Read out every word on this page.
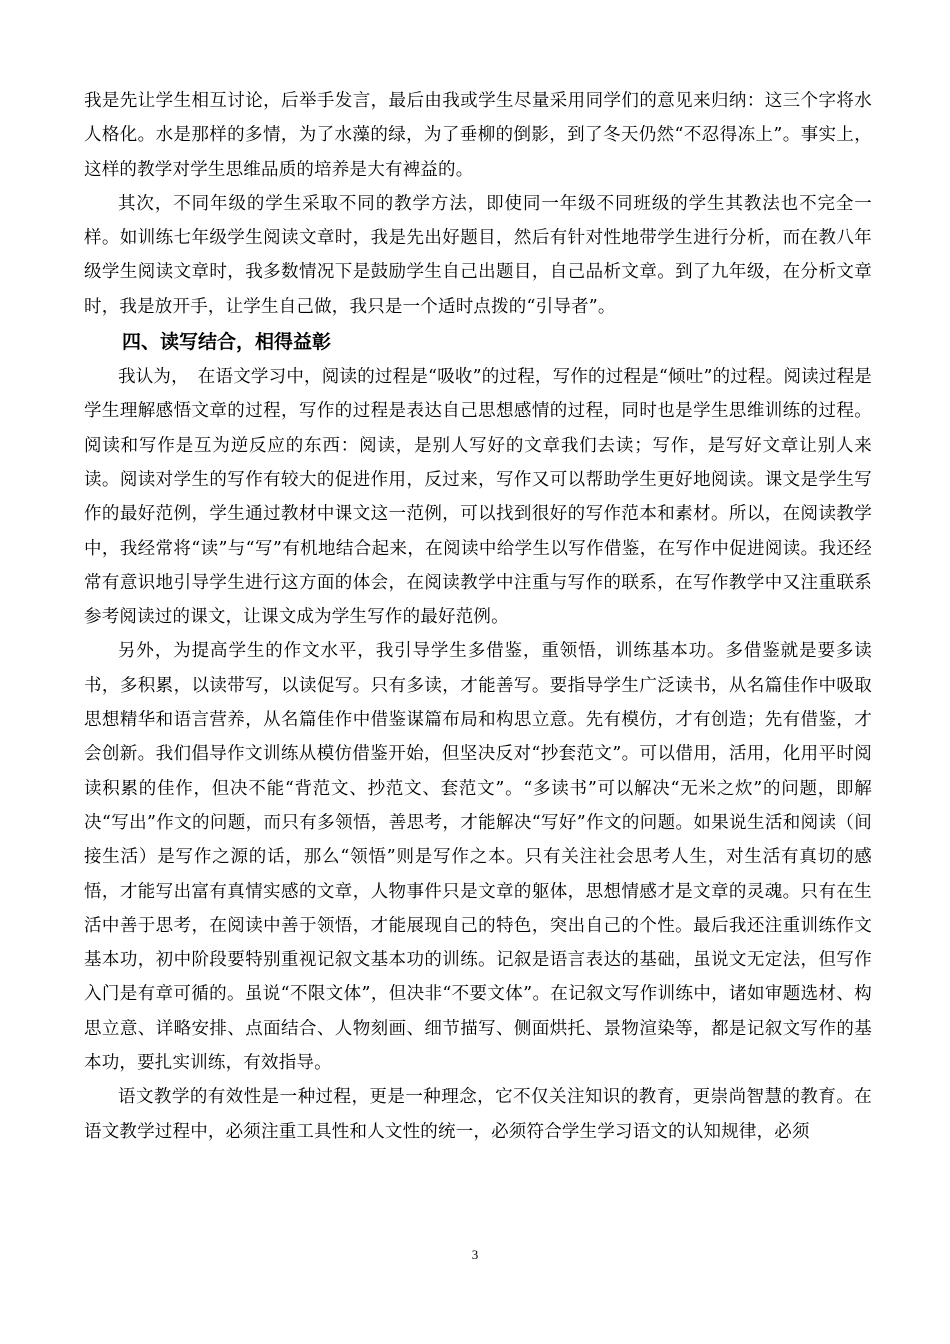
我是先让学生相互讨论，后举手发言，最后由我或学生尽量采用同学们的意见来归纳：这三个字将水人格化。水是那样的多情，为了水藻的绿，为了垂柳的倒影，到了冬天仍然“不忍得冻上”。事实上，这样的教学对学生思维品质的培养是大有裨益的。

其次，不同年级的学生采取不同的教学方法，即使同一年级不同班级的学生其教法也不完全一样。如训练七年级学生阅读文章时，我是先出好题目，然后有针对性地带学生进行分析，而在教八年级学生阅读文章时，我多数情况下是鼓励学生自己出题目，自己品析文章。到了九年级，在分析文章时，我是放开手，让学生自己做，我只是一个适时点拨的“引导者”。

四、读写结合，相得益彰

我认为，　在语文学习中，阅读的过程是“吸收”的过程，写作的过程是“倾吐”的过程。阅读过程是学生理解感悟文章的过程，写作的过程是表达自己思想感情的过程，同时也是学生思维训练的过程。阅读和写作是互为逆反应的东西：阅读，是别人写好的文章我们去读；写作，是写好文章让别人来读。阅读对学生的写作有较大的促进作用，反过来，写作又可以帮助学生更好地阅读。课文是学生写作的最好范例，学生通过教材中课文这一范例，可以找到很好的写作范本和素材。所以，在阅读教学中，我经常将“读”与“写”有机地结合起来，在阅读中给学生以写作借鉴，在写作中促进阅读。我还经常有意识地引导学生进行这方面的体会，在阅读教学中注重与写作的联系，在写作教学中又注重联系参考阅读过的课文，让课文成为学生写作的最好范例。

另外，为提高学生的作文水平，我引导学生多借鉴，重领悟，训练基本功。多借鉴就是要多读书，多积累，以读带写，以读促写。只有多读，才能善写。要指导学生广泛读书，从名篇佳作中吸取思想精华和语言营养，从名篇佳作中借鉴谋篇布局和构思立意。先有模仿，才有创造；先有借鉴，才会创新。我们倡导作文训练从模仿借鉴开始，但坚决反对“抄套范文”。可以借用，活用，化用平时阅读积累的佳作，但决不能“背范文、抄范文、套范文”。“多读书”可以解决“无米之炊”的问题，即解决“写出”作文的问题，而只有多领悟，善思考，才能解决“写好”作文的问题。如果说生活和阅读（间接生活）是写作之源的话，那么“领悟”则是写作之本。只有关注社会思考人生，对生活有真切的感悟，才能写出富有真情实感的文章，人物事件只是文章的躯体，思想情感才是文章的灵魂。只有在生活中善于思考，在阅读中善于领悟，才能展现自己的特色，突出自己的个性。最后我还注重训练作文基本功，初中阶段要特别重视记叙文基本功的训练。记叙是语言表达的基础，虽说文无定法，但写作入门是有章可循的。虽说“不限文体”，但决非“不要文体”。在记叙文写作训练中，诸如审题选材、构思立意、详略安排、点面结合、人物刻画、细节描写、侧面烘托、景物渲染等，都是记叙文写作的基本功，要扎实训练，有效指导。

语文教学的有效性是一种过程，更是一种理念，它不仅关注知识的教育，更崇尚智慧的教育。在语文教学过程中，必须注重工具性和人文性的统一，必须符合学生学习语文的认知规律，必须

3
